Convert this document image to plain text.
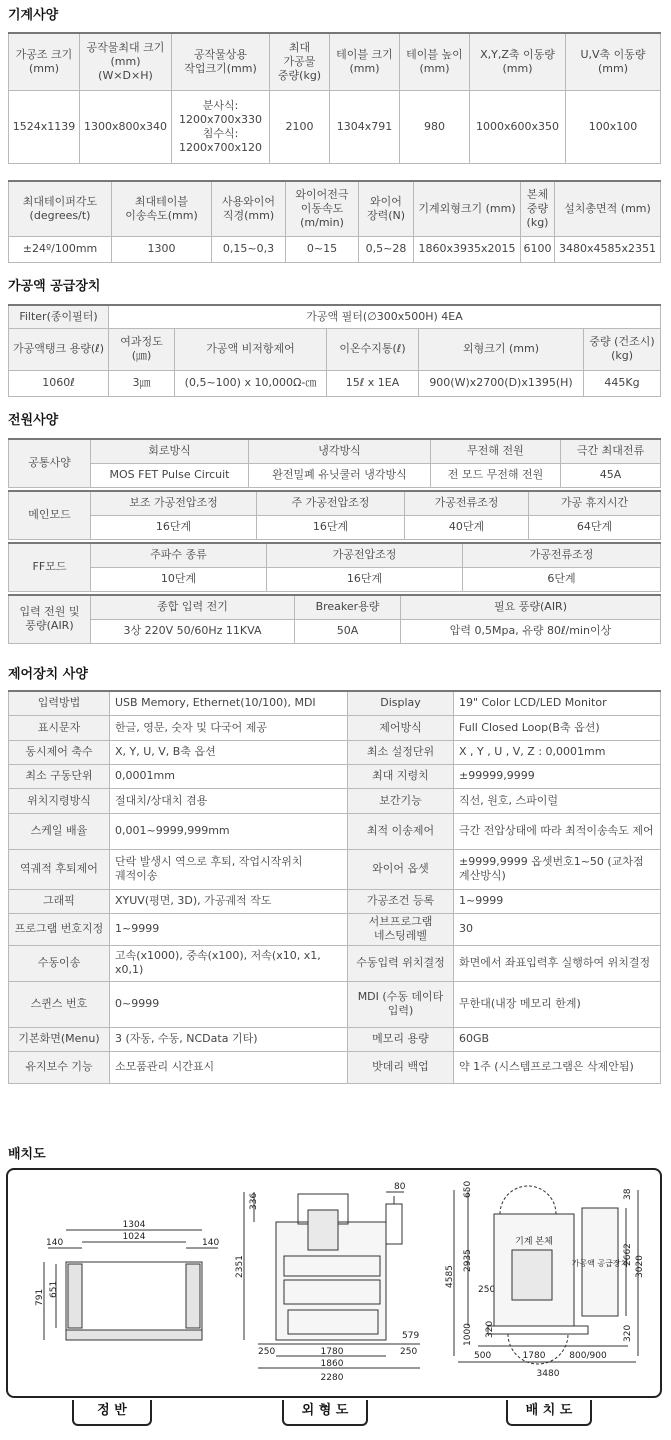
기계사양
가공조 크기(mm)	공작물최대 크기(mm) (W×D×H)	공작물상용 작업크기(mm)	최대 가공물 중량(kg)	테이블 크기(mm)	테이블 높이(mm)	X,Y,Z축 이동량 (mm)	U,V축 이동량(mm)
1524x1139	1300x800x340	분사식: 1200x700x330 침수식: 1200x700x120	2100	1304x791	980	1000x600x350	100x100
최대테이퍼각도 (degrees/t)	최대테이블 이송속도(mm)	사용와이어 직경(mm)	와이어전극 이동속도 (m/min)	와이어 장력(N)	기계외형크기 (mm)	본체 중량 (kg)	설치총면적 (mm)
±24º/100mm	1300	0,15~0,3	0~15	0,5~28	1860x3935x2015	6100	3480x4585x2351
가공액 공급장치
Filter(종이필터)	가공액 필터(∅300x500H) 4EA				
가공액탱크 용량(ℓ)	여과정도 (㎛)	가공액 비저항제어	이온수지통(ℓ)	외형크기 (mm)	중량 (건조시)(kg)
1060ℓ	3㎛	(0,5~100) x 10,000Ω-㎝	15ℓ x 1EA	900(W)x2700(D)x1395(H)	445Kg
전원사양
공통사양	회로방식	냉각방식	무전해 전원	극간 최대전류
	MOS FET Pulse Circuit	완전밀폐 유닛쿨러 냉각방식	전 모드 무전해 전원	45A
메인모드	보조 가공전압조정	주 가공전압조정	가공전류조정	가공 휴지시간
	16단계	16단계	40단계	64단계
FF모드	주파수 종류	가공전압조정	가공전류조정
	10단계	16단계	6단계
입력 전원 및 풍량(AIR)	종합 입력 전기	Breaker용량	필요 풍량(AIR)
	3상 220V 50/60Hz 11KVA	50A	압력 0,5Mpa, 유량 80ℓ/min이상
제어장치 사양
입력방법	USB Memory, Ethernet(10/100), MDI	Display	19" Color LCD/LED Monitor
표시문자	한글, 영문, 숫자 및 다국어 제공	제어방식	Full Closed Loop(B축 옵션)
동시제어 축수	X, Y, U, V, B축 옵션	최소 설정단위	X , Y , U , V, Z : 0,0001mm
최소 구동단위	0,0001mm	최대 지령치	±99999,9999
위치지령방식	절대치/상대치 겸용	보간기능	직선, 원호, 스파이럴
스케일 배율	0,001~9999,999mm	최적 이송제어	극간 전압상태에 따라 최적이송속도 제어
역궤적 후퇴제어	단락 발생시 역으로 후퇴, 작업시작위치 궤적이송	와이어 옵셋	±9999,9999 옵셋번호1~50 (교차점 계산방식)
그래픽	XYUV(평면, 3D), 가공궤적 작도	가공조건 등록	1~9999
프로그램 번호지정	1~9999	서브프로그램 네스팅레벨	30
수동이송	고속(x1000), 중속(x100), 저속(x10, x1, x0,1)	수동입력 위치결정	화면에서 좌표입력후 실행하여 위치결정
스퀸스 번호	0~9999	MDI (수동 데이타 입력)	무한대(내장 메모리 한계)
기본화면(Menu)	3 (자동, 수동, NCData 기타)	메모리 용량	60GB
유지보수 기능	소모품관리 시간표시	밧데리 백업	약 1주 (시스템프로그램은 삭제안됨)
배치도
1304
1024
140	140
791 651
80
336
2351
579
250	1780	250
1860
2280
650	38
기계 본체
가공액 공급장치
2935
4585
2662
3020
250
320
1000	320
500	1780	800/900
3480
정 반	외 형 도	배 치 도
